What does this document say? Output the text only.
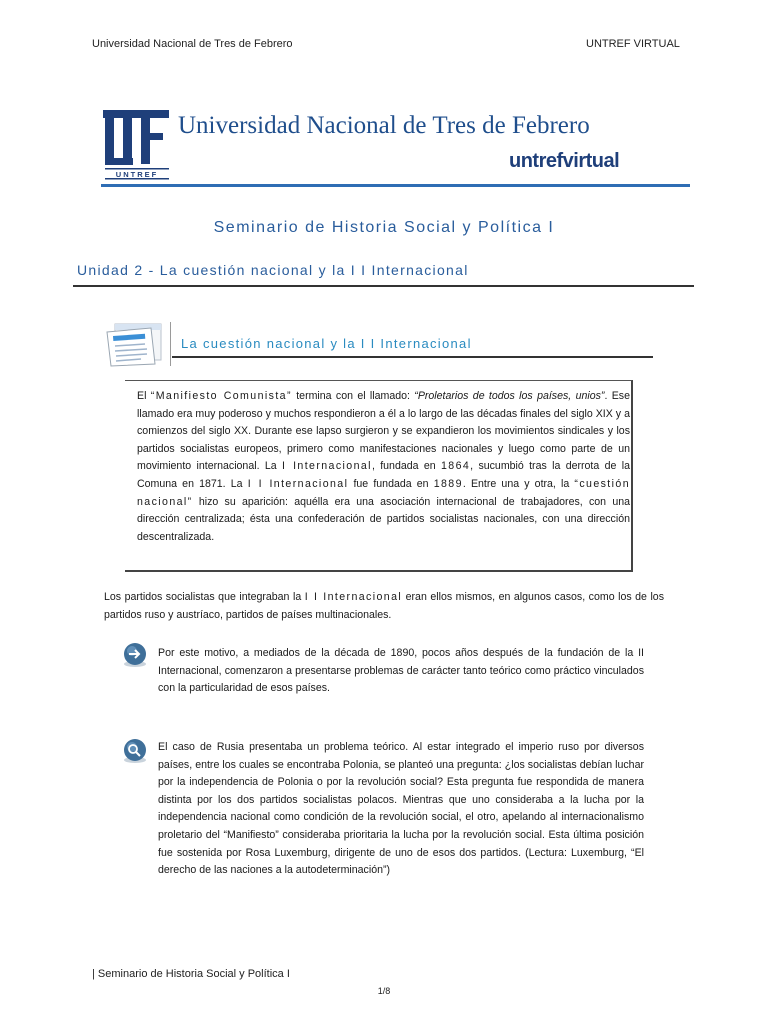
Universidad Nacional de Tres de Febrero	UNTREF VIRTUAL
UNTREF
Universidad Nacional de Tres de Febrero
untrefvirtual
Seminario de Historia Social y Política I
Unidad 2 - La cuestión nacional y la I I Internacional
La cuestión nacional y la I I Internacional
El “Manifiesto Comunista” termina con el llamado: “Proletarios de todos los países, unios”. Ese llamado era muy poderoso y muchos respondieron a él a lo largo de las décadas finales del siglo XIX y a comienzos del siglo XX. Durante ese lapso surgieron y se expandieron los movimientos sindicales y los partidos socialistas europeos, primero como manifestaciones nacionales y luego como parte de un movimiento internacional. La I Internacional, fundada en 1864, sucumbió tras la derrota de la Comuna en 1871. La I I Internacional fue fundada en 1889. Entre una y otra, la “cuestión nacional” hizo su aparición: aquélla era una asociación internacional de trabajadores, con una dirección centralizada; ésta una confederación de partidos socialistas nacionales, con una dirección descentralizada.
Los partidos socialistas que integraban la I I Internacional eran ellos mismos, en algunos casos, como los de los partidos ruso y austríaco, partidos de países multinacionales.
Por este motivo, a mediados de la década de 1890, pocos años después de la fundación de la II Internacional, comenzaron a presentarse problemas de carácter tanto teórico como práctico vinculados con la particularidad de esos países.
El caso de Rusia presentaba un problema teórico. Al estar integrado el imperio ruso por diversos países, entre los cuales se encontraba Polonia, se planteó una pregunta: ¿los socialistas debían luchar por la independencia de Polonia o por la revolución social? Esta pregunta fue respondida de manera distinta por los dos partidos socialistas polacos. Mientras que uno consideraba a la lucha por la independencia nacional como condición de la revolución social, el otro, apelando al internacionalismo proletario del “Manifiesto” consideraba prioritaria la lucha por la revolución social. Esta última posición fue sostenida por Rosa Luxemburg, dirigente de uno de esos dos partidos. (Lectura: Luxemburg, “El derecho de las naciones a la autodeterminación”)
| Seminario de Historia Social y Política I
1/8
